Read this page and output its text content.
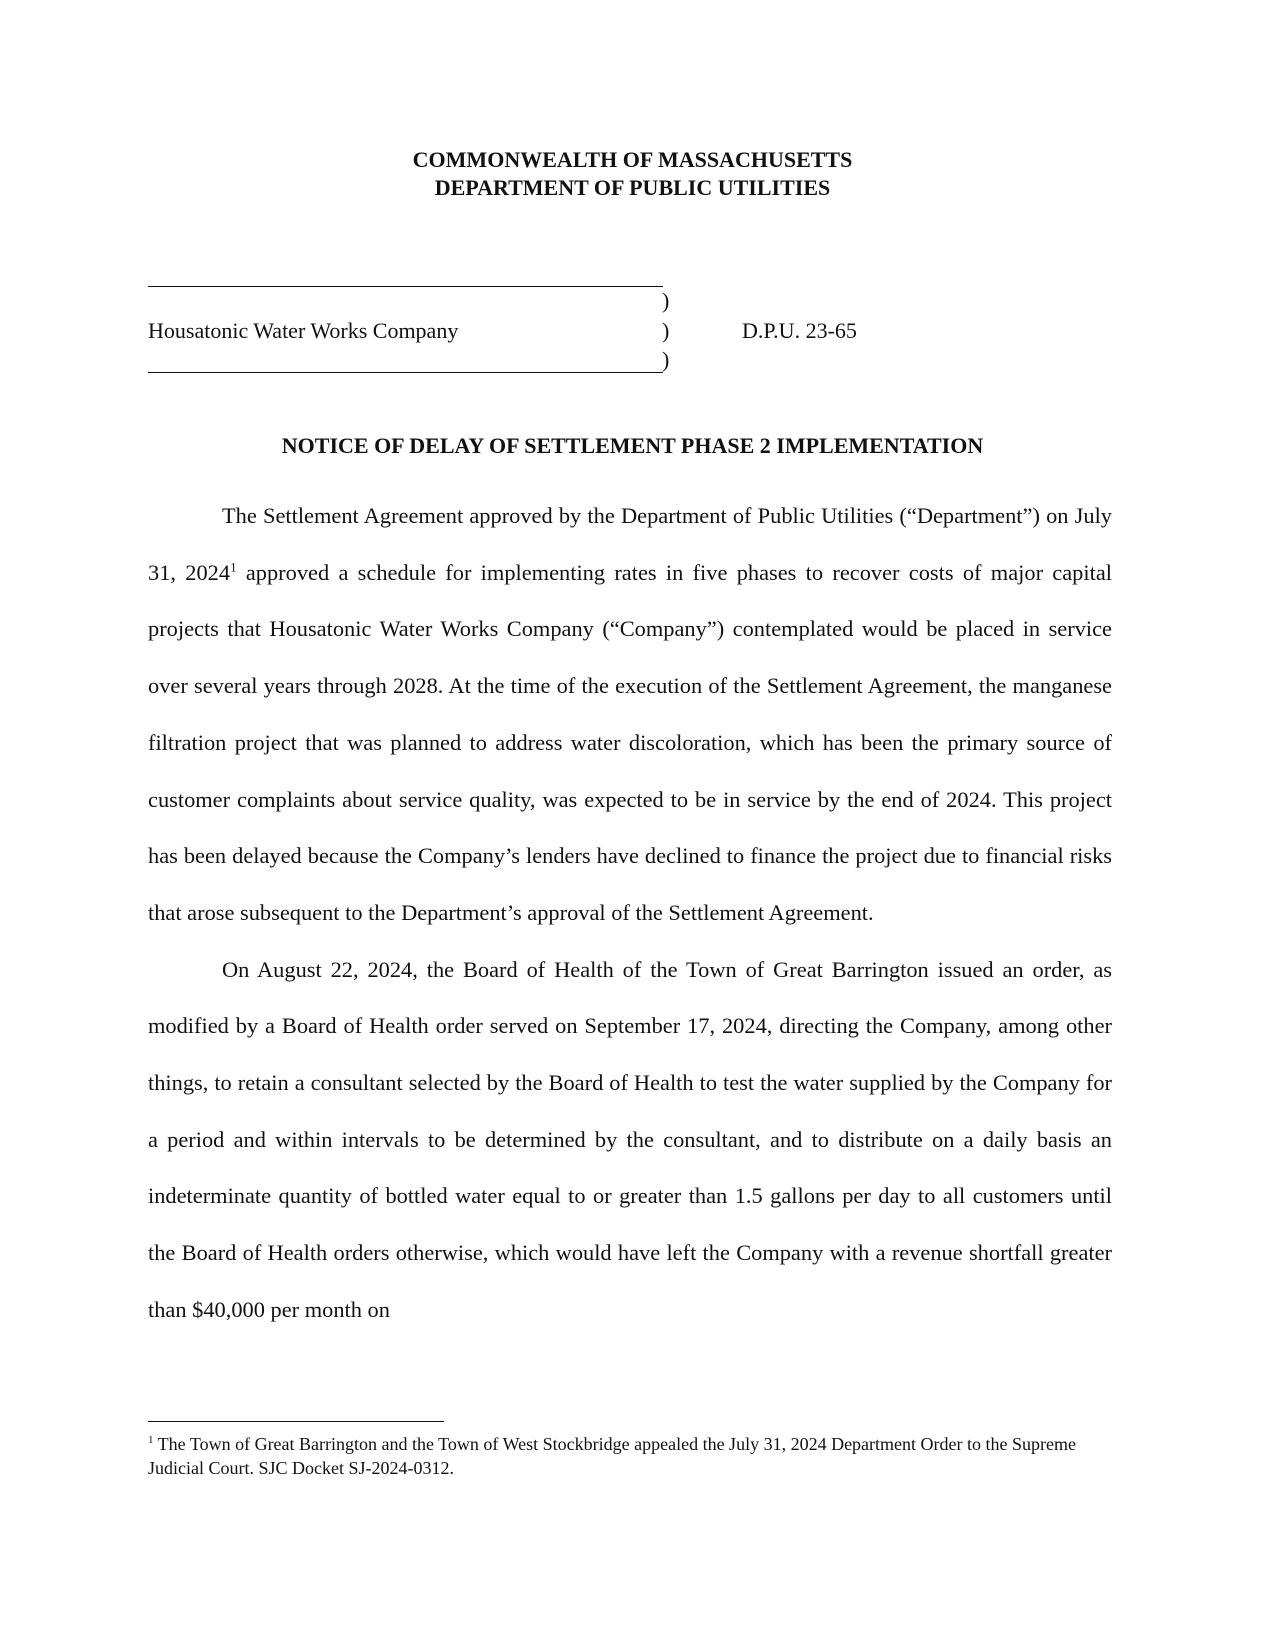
COMMONWEALTH OF MASSACHUSETTS
DEPARTMENT OF PUBLIC UTILITIES
)
)
)
Housatonic Water Works Company	D.P.U. 23-65
NOTICE OF DELAY OF SETTLEMENT PHASE 2 IMPLEMENTATION

The Settlement Agreement approved by the Department of Public Utilities (“Department”) on July 31, 2024$^1$ approved a schedule for implementing rates in five phases to recover costs of major capital projects that Housatonic Water Works Company (“Company”) contemplated would be placed in service over several years through 2028. At the time of the execution of the Settlement Agreement, the manganese filtration project that was planned to address water discoloration, which has been the primary source of customer complaints about service quality, was expected to be in service by the end of 2024. This project has been delayed because the Company’s lenders have declined to finance the project due to financial risks that arose subsequent to the Department’s approval of the Settlement Agreement.

On August 22, 2024, the Board of Health of the Town of Great Barrington issued an order, as modified by a Board of Health order served on September 17, 2024, directing the Company, among other things, to retain a consultant selected by the Board of Health to test the water supplied by the Company for a period and within intervals to be determined by the consultant, and to distribute on a daily basis an indeterminate quantity of bottled water equal to or greater than 1.5 gallons per day to all customers until the Board of Health orders otherwise, which would have left the Company with a revenue shortfall greater than $40,000 per month on

$^1$ The Town of Great Barrington and the Town of West Stockbridge appealed the July 31, 2024 Department Order to the Supreme Judicial Court. SJC Docket SJ-2024-0312.
